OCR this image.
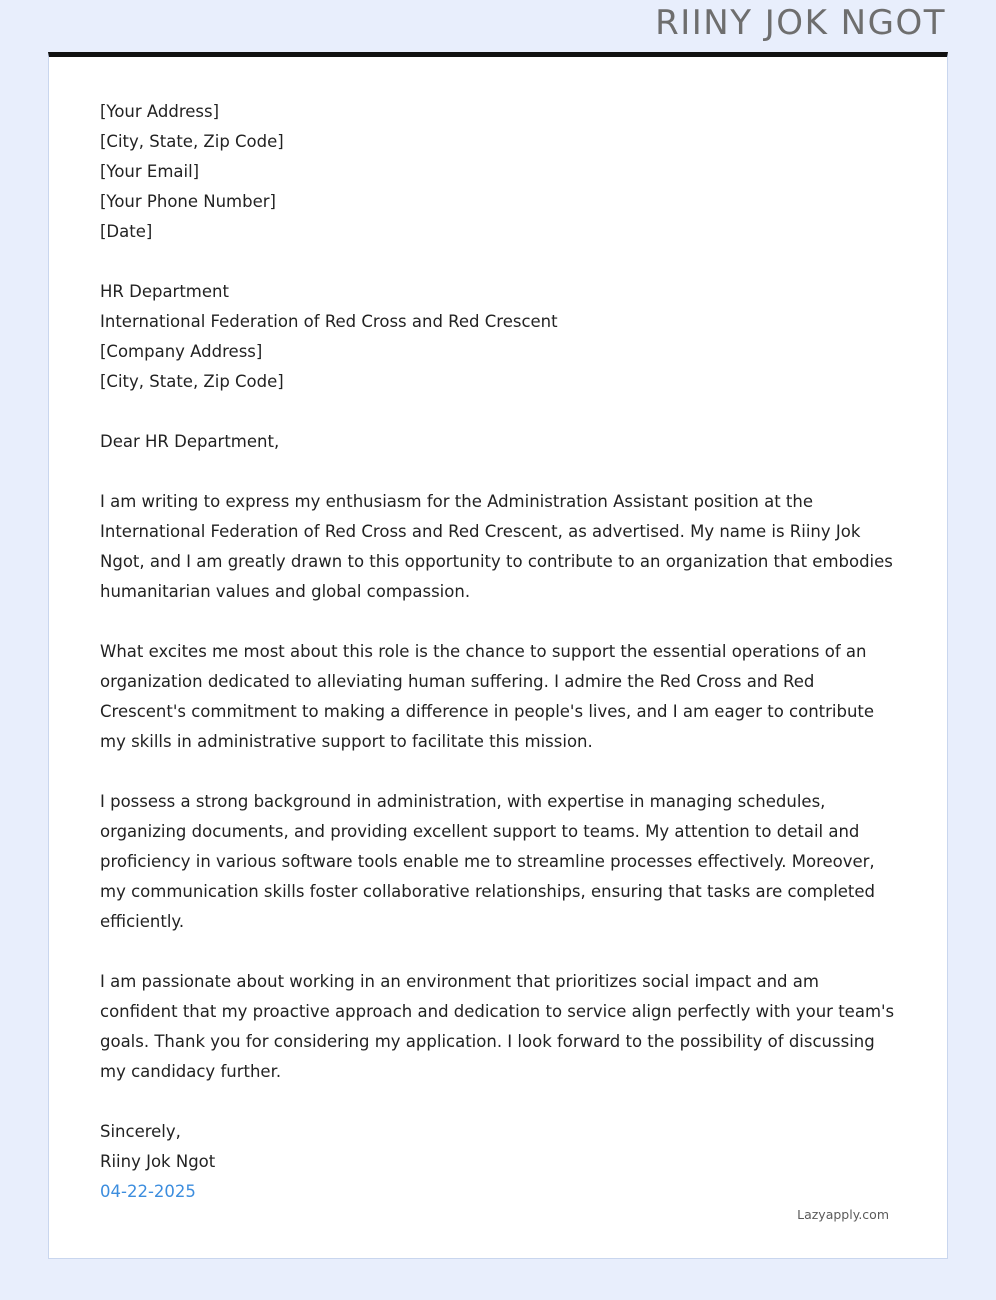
RIINY JOK NGOT
[Your Address]
[City, State, Zip Code]
[Your Email]
[Your Phone Number]
[Date]
HR Department
International Federation of Red Cross and Red Crescent
[Company Address]
[City, State, Zip Code]
Dear HR Department,

I am writing to express my enthusiasm for the Administration Assistant position at the International Federation of Red Cross and Red Crescent, as advertised. My name is Riiny Jok Ngot, and I am greatly drawn to this opportunity to contribute to an organization that embodies humanitarian values and global compassion.

What excites me most about this role is the chance to support the essential operations of an organization dedicated to alleviating human suffering. I admire the Red Cross and Red Crescent's commitment to making a difference in people's lives, and I am eager to contribute my skills in administrative support to facilitate this mission.

I possess a strong background in administration, with expertise in managing schedules, organizing documents, and providing excellent support to teams. My attention to detail and proficiency in various software tools enable me to streamline processes effectively. Moreover, my communication skills foster collaborative relationships, ensuring that tasks are completed efficiently.

I am passionate about working in an environment that prioritizes social impact and am confident that my proactive approach and dedication to service align perfectly with your team's goals. Thank you for considering my application. I look forward to the possibility of discussing my candidacy further.

Sincerely,
Riiny Jok Ngot
04-22-2025
Lazyapply.com
